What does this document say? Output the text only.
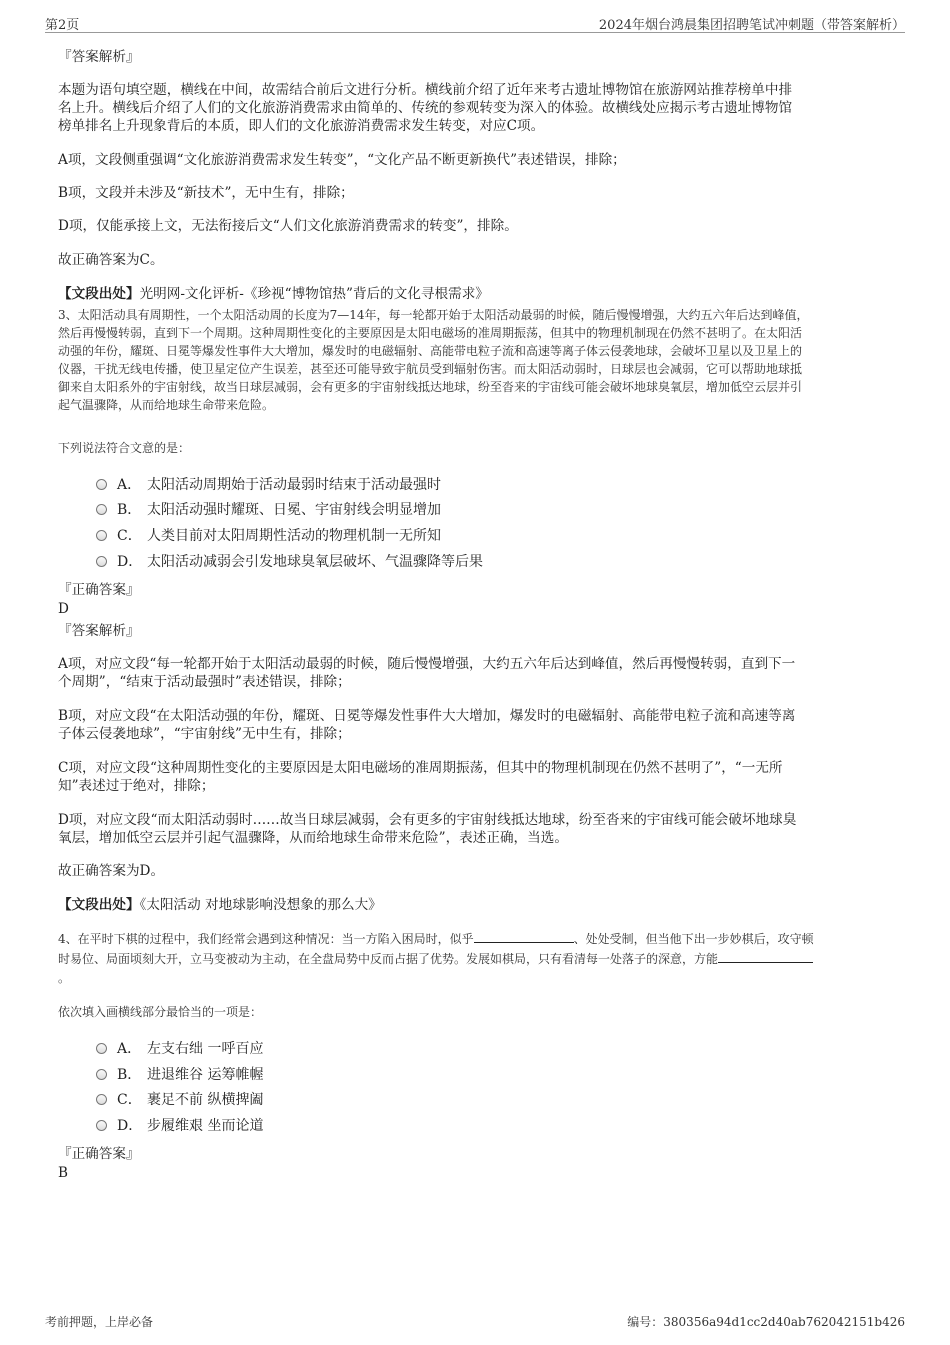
第2页	2024年烟台鸿晨集团招聘笔试冲刺题（带答案解析）
『答案解析』
本题为语句填空题，横线在中间，故需结合前后文进行分析。横线前介绍了近年来考古遗址博物馆在旅游网站推荐榜单中排
名上升。横线后介绍了人们的文化旅游消费需求由简单的、传统的参观转变为深入的体验。故横线处应揭示考古遗址博物馆
榜单排名上升现象背后的本质，即人们的文化旅游消费需求发生转变，对应C项。
A项，文段侧重强调“文化旅游消费需求发生转变”，“文化产品不断更新换代”表述错误，排除；
B项，文段并未涉及“新技术”，无中生有，排除；
D项，仅能承接上文，无法衔接后文“人们文化旅游消费需求的转变”，排除。
故正确答案为C。
【文段出处】光明网-文化评析-《珍视“博物馆热”背后的文化寻根需求》
3、太阳活动具有周期性，一个太阳活动周的长度为7—14年，每一轮都开始于太阳活动最弱的时候，随后慢慢增强，大约五六年后达到峰值，
然后再慢慢转弱，直到下一个周期。这种周期性变化的主要原因是太阳电磁场的准周期振荡，但其中的物理机制现在仍然不甚明了。在太阳活
动强的年份，耀斑、日冕等爆发性事件大大增加，爆发时的电磁辐射、高能带电粒子流和高速等离子体云侵袭地球，会破坏卫星以及卫星上的
仪器，干扰无线电传播，使卫星定位产生误差，甚至还可能导致宇航员受到辐射伤害。而太阳活动弱时，日球层也会减弱，它可以帮助地球抵
御来自太阳系外的宇宙射线，故当日球层减弱，会有更多的宇宙射线抵达地球，纷至沓来的宇宙线可能会破坏地球臭氧层，增加低空云层并引
起气温骤降，从而给地球生命带来危险。
下列说法符合文意的是：
A． 太阳活动周期始于活动最弱时结束于活动最强时
B． 太阳活动强时耀斑、日冕、宇宙射线会明显增加
C． 人类目前对太阳周期性活动的物理机制一无所知
D． 太阳活动减弱会引发地球臭氧层破坏、气温骤降等后果
『正确答案』
D
『答案解析』
A项，对应文段“每一轮都开始于太阳活动最弱的时候，随后慢慢增强，大约五六年后达到峰值，然后再慢慢转弱，直到下一
个周期”，“结束于活动最强时”表述错误，排除；
B项，对应文段“在太阳活动强的年份，耀斑、日冕等爆发性事件大大增加，爆发时的电磁辐射、高能带电粒子流和高速等离
子体云侵袭地球”，“宇宙射线”无中生有，排除；
C项，对应文段“这种周期性变化的主要原因是太阳电磁场的准周期振荡，但其中的物理机制现在仍然不甚明了”，“一无所
知”表述过于绝对，排除；
D项，对应文段“而太阳活动弱时……故当日球层减弱，会有更多的宇宙射线抵达地球，纷至沓来的宇宙线可能会破坏地球臭
氧层，增加低空云层并引起气温骤降，从而给地球生命带来危险”，表述正确，当选。
故正确答案为D。
【文段出处】《太阳活动 对地球影响没想象的那么大》
4、在平时下棋的过程中，我们经常会遇到这种情况：当一方陷入困局时，似乎	、处处受制，但当他下出一步妙棋后，攻守顿
时易位、局面顷刻大开，立马变被动为主动，在全盘局势中反而占据了优势。发展如棋局，只有看清每一处落子的深意，方能
。
依次填入画横线部分最恰当的一项是：
A． 左支右绌 一呼百应
B． 进退维谷 运筹帷幄
C． 裹足不前 纵横捭阖
D． 步履维艰 坐而论道
『正确答案』
B
考前押题，上岸必备	编号：380356a94d1cc2d40ab762042151b426
